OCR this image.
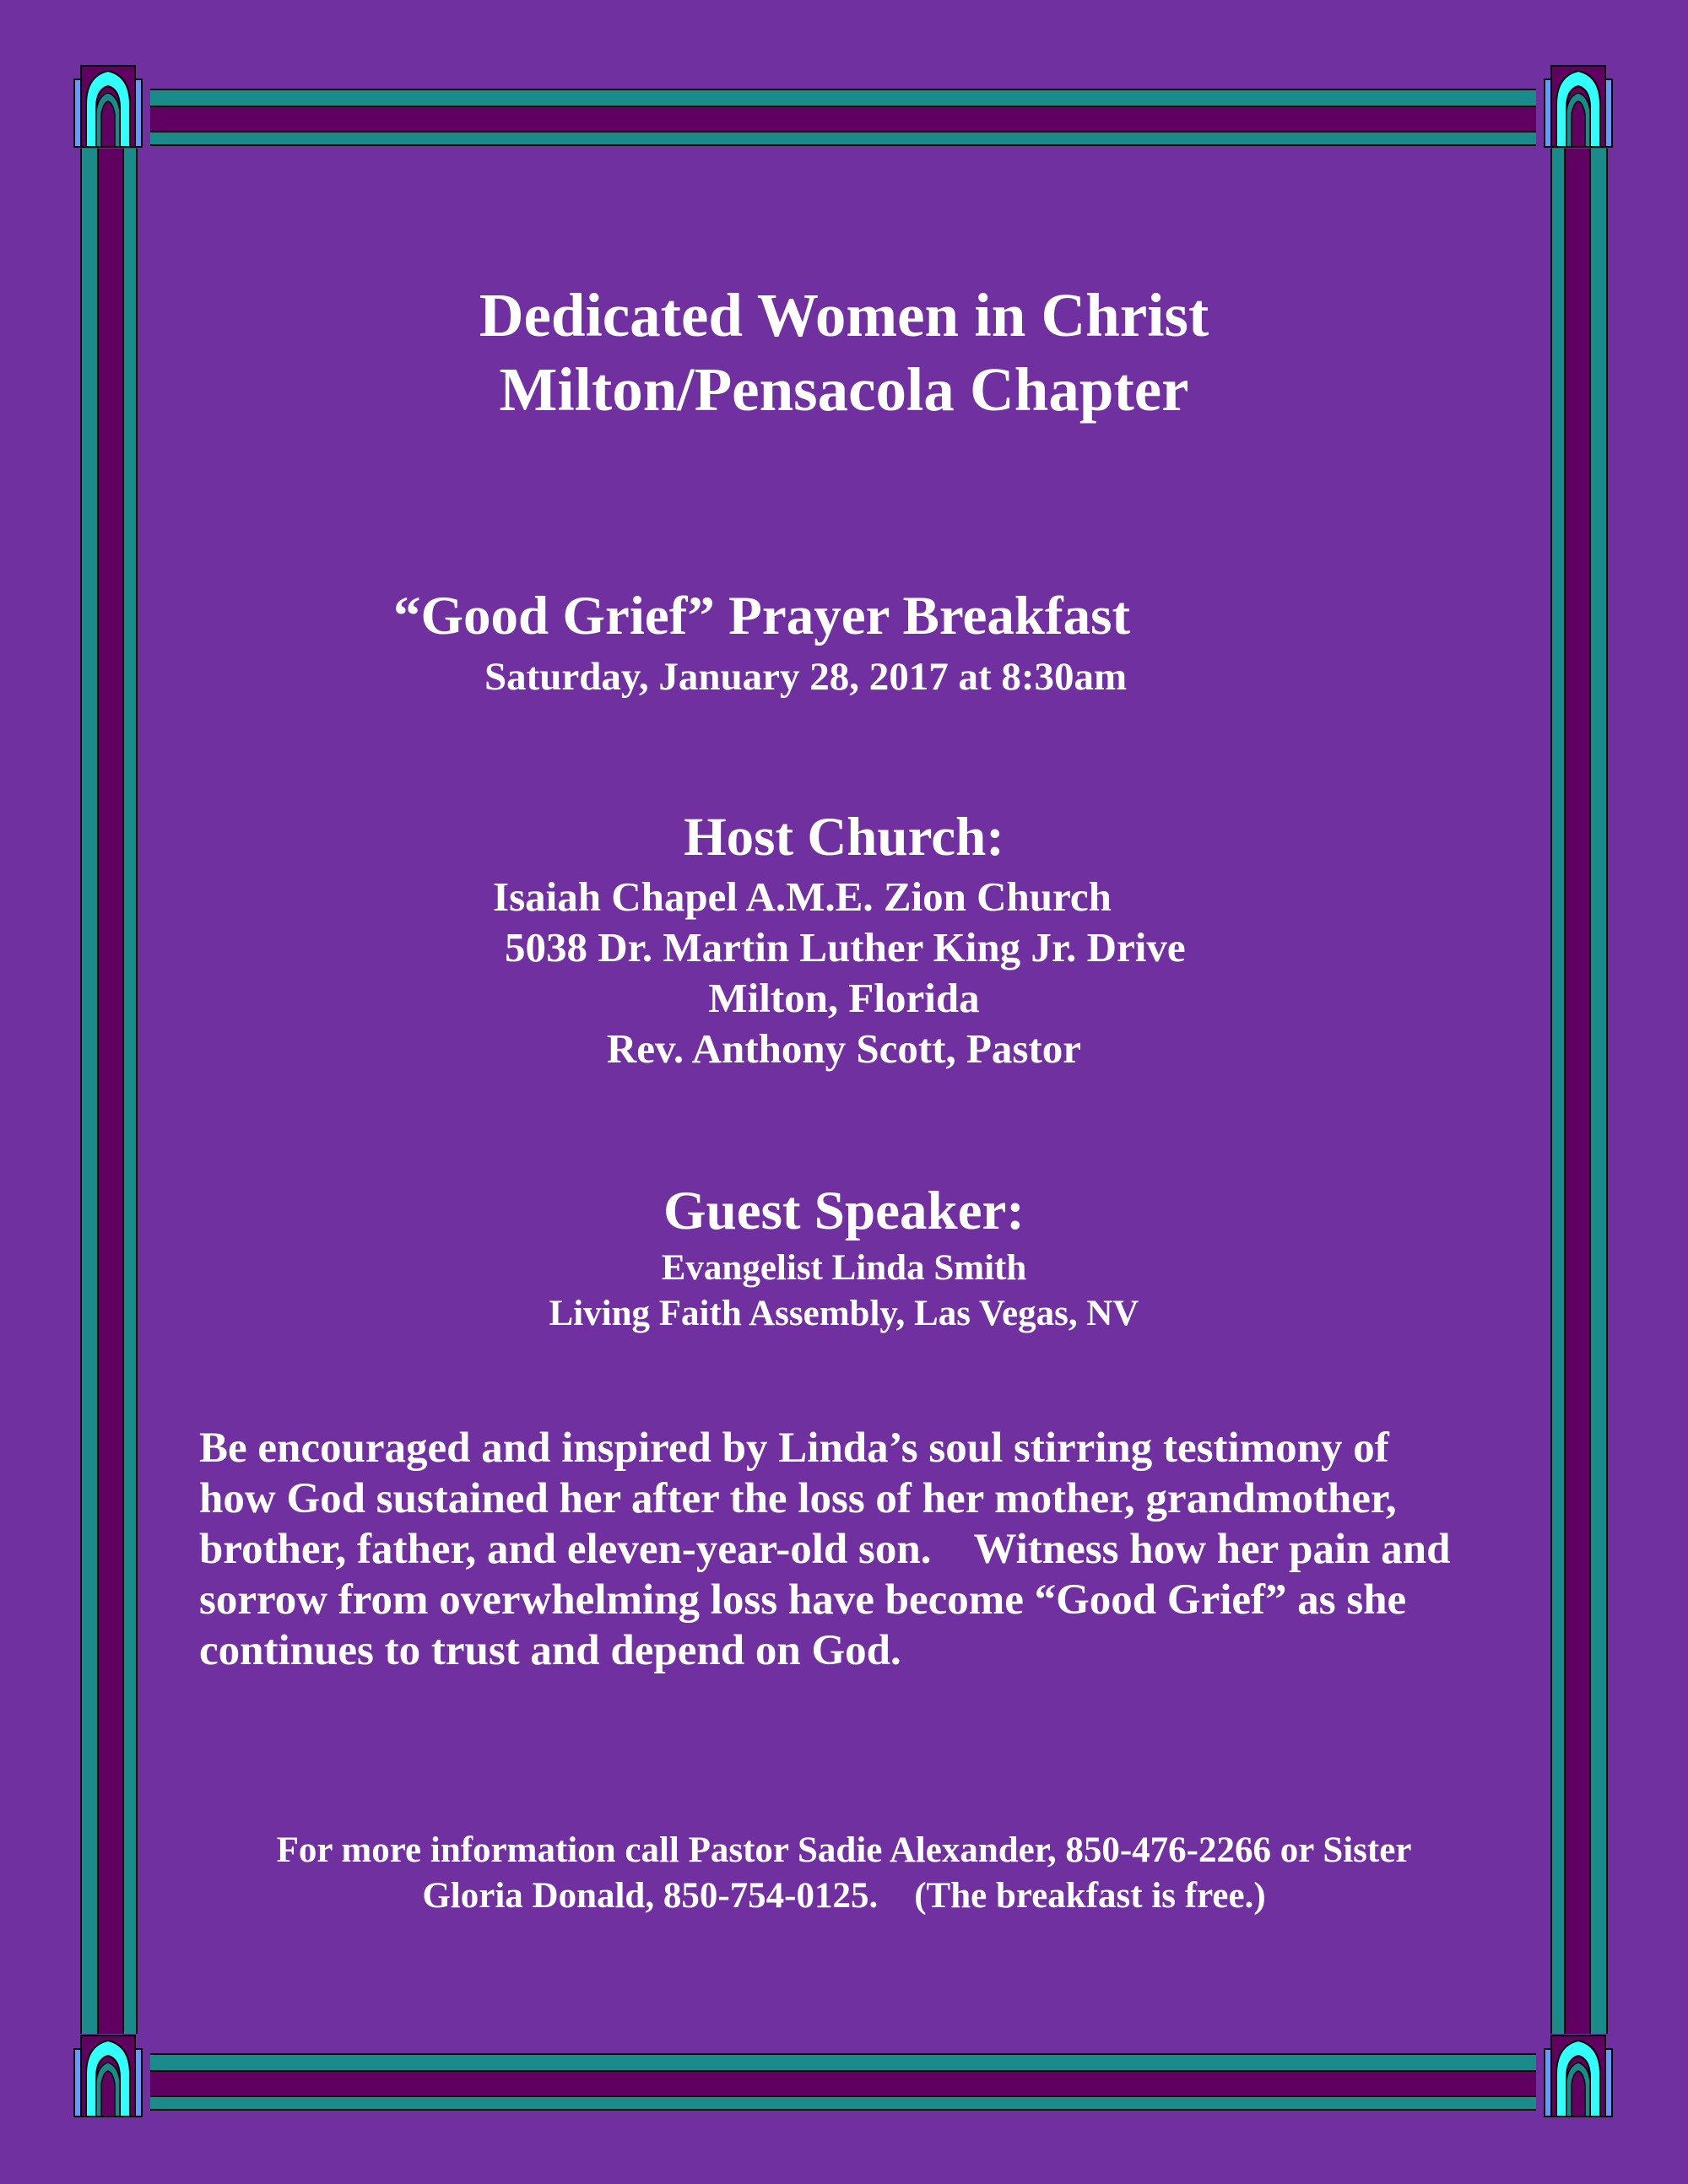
Dedicated Women in Christ
Milton/Pensacola Chapter
“Good Grief” Prayer Breakfast
Saturday, January 28, 2017 at 8:30am
Host Church:
Isaiah Chapel A.M.E. Zion Church
5038 Dr. Martin Luther King Jr. Drive
Milton, Florida
Rev. Anthony Scott, Pastor
Guest Speaker:
Evangelist Linda Smith
Living Faith Assembly, Las Vegas, NV

Be encouraged and inspired by Linda’s soul stirring testimony of
how God sustained her after the loss of her mother, grandmother,
brother, father, and eleven-year-old son.    Witness how her pain and
sorrow from overwhelming loss have become “Good Grief” as she
continues to trust and depend on God.

For more information call Pastor Sadie Alexander, 850-476-2266 or Sister
Gloria Donald, 850-754-0125.    (The breakfast is free.)
